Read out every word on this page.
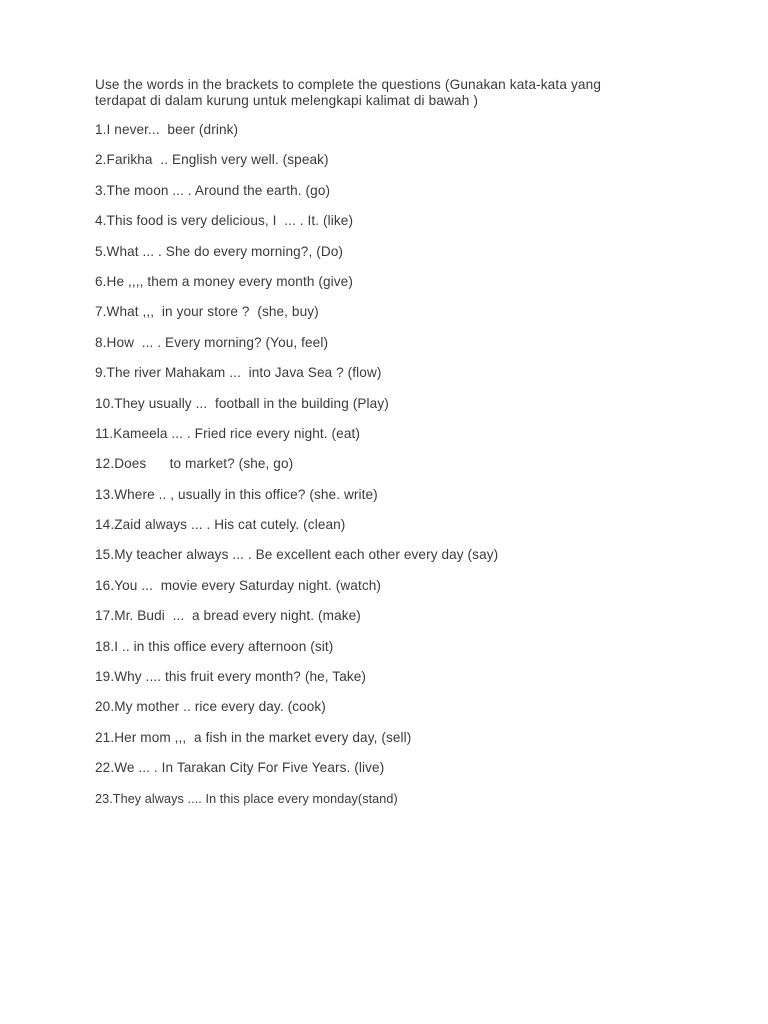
Use the words in the brackets to complete the questions (Gunakan kata-kata yang
terdapat di dalam kurung untuk melengkapi kalimat di bawah )

1.I never...  beer (drink)
2.Farikha  .. English very well. (speak)
3.The moon ... . Around the earth. (go)
4.This food is very delicious, I  ... . It. (like)
5.What ... . She do every morning?, (Do)
6.He ,,,, them a money every month (give)
7.What ,,,  in your store ?  (she, buy)
8.How  ... . Every morning? (You, feel)
9.The river Mahakam ...  into Java Sea ? (flow)
10.They usually ...  football in the building (Play)
11.Kameela ... . Fried rice every night. (eat)
12.Does      to market? (she, go)
13.Where .. , usually in this office? (she. write)
14.Zaid always ... . His cat cutely. (clean)
15.My teacher always ... . Be excellent each other every day (say)
16.You ...  movie every Saturday night. (watch)
17.Mr. Budi  ...  a bread every night. (make)
18.I .. in this office every afternoon (sit)
19.Why .... this fruit every month? (he, Take)
20.My mother .. rice every day. (cook)
21.Her mom ,,,  a fish in the market every day, (sell)
22.We ... . In Tarakan City For Five Years. (live)
23.They always .... In this place every monday(stand)
